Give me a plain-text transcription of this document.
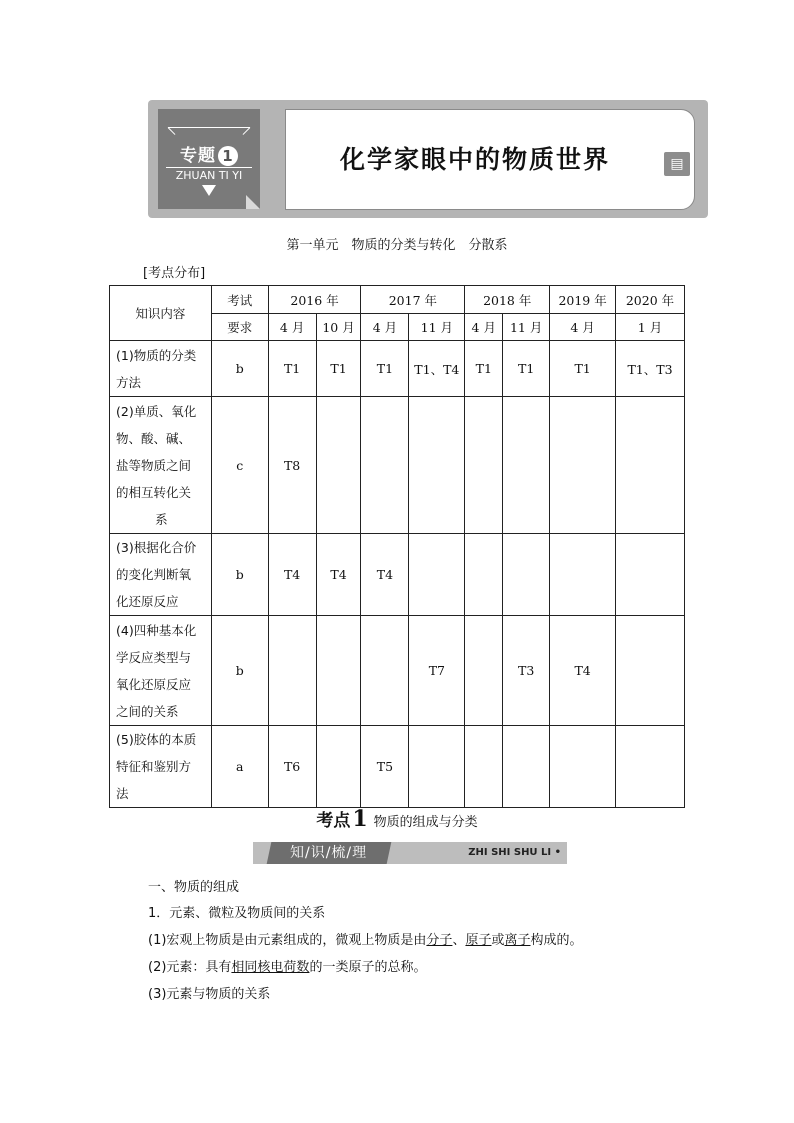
专题 1
ZHUAN TI YI
化学家眼中的物质世界	▤
第一单元　物质的分类与转化　分散系
[考点分布]
知识内容	考试	2016 年		2017 年		2018 年		2019 年	2020 年
	要求	4 月	10 月	4 月	11 月	4 月	11 月	4 月	1 月

(1)物质的分类
方法	b	T1	T1	T1	T1、T4	T1	T1	T1	T1、T3

(2)单质、氧化
物、酸、碱、
盐等物质之间
的相互转化关
系	c	T8							

(3)根据化合价
的变化判断氧
化还原反应	b	T4	T4	T4					

(4)四种基本化
学反应类型与
氧化还原反应
之间的关系	b				T7		T3	T4	

(5)胶体的本质
特征和鉴别方
法	a	T6		T5					
考点1 物质的组成与分类
知/识/梳/理	ZHI SHI SHU LI •
一、物质的组成
1．元素、微粒及物质间的关系
(1)宏观上物质是由元素组成的，微观上物质是由分子、原子或离子构成的。
(2)元素：具有相同核电荷数的一类原子的总称。
(3)元素与物质的关系
